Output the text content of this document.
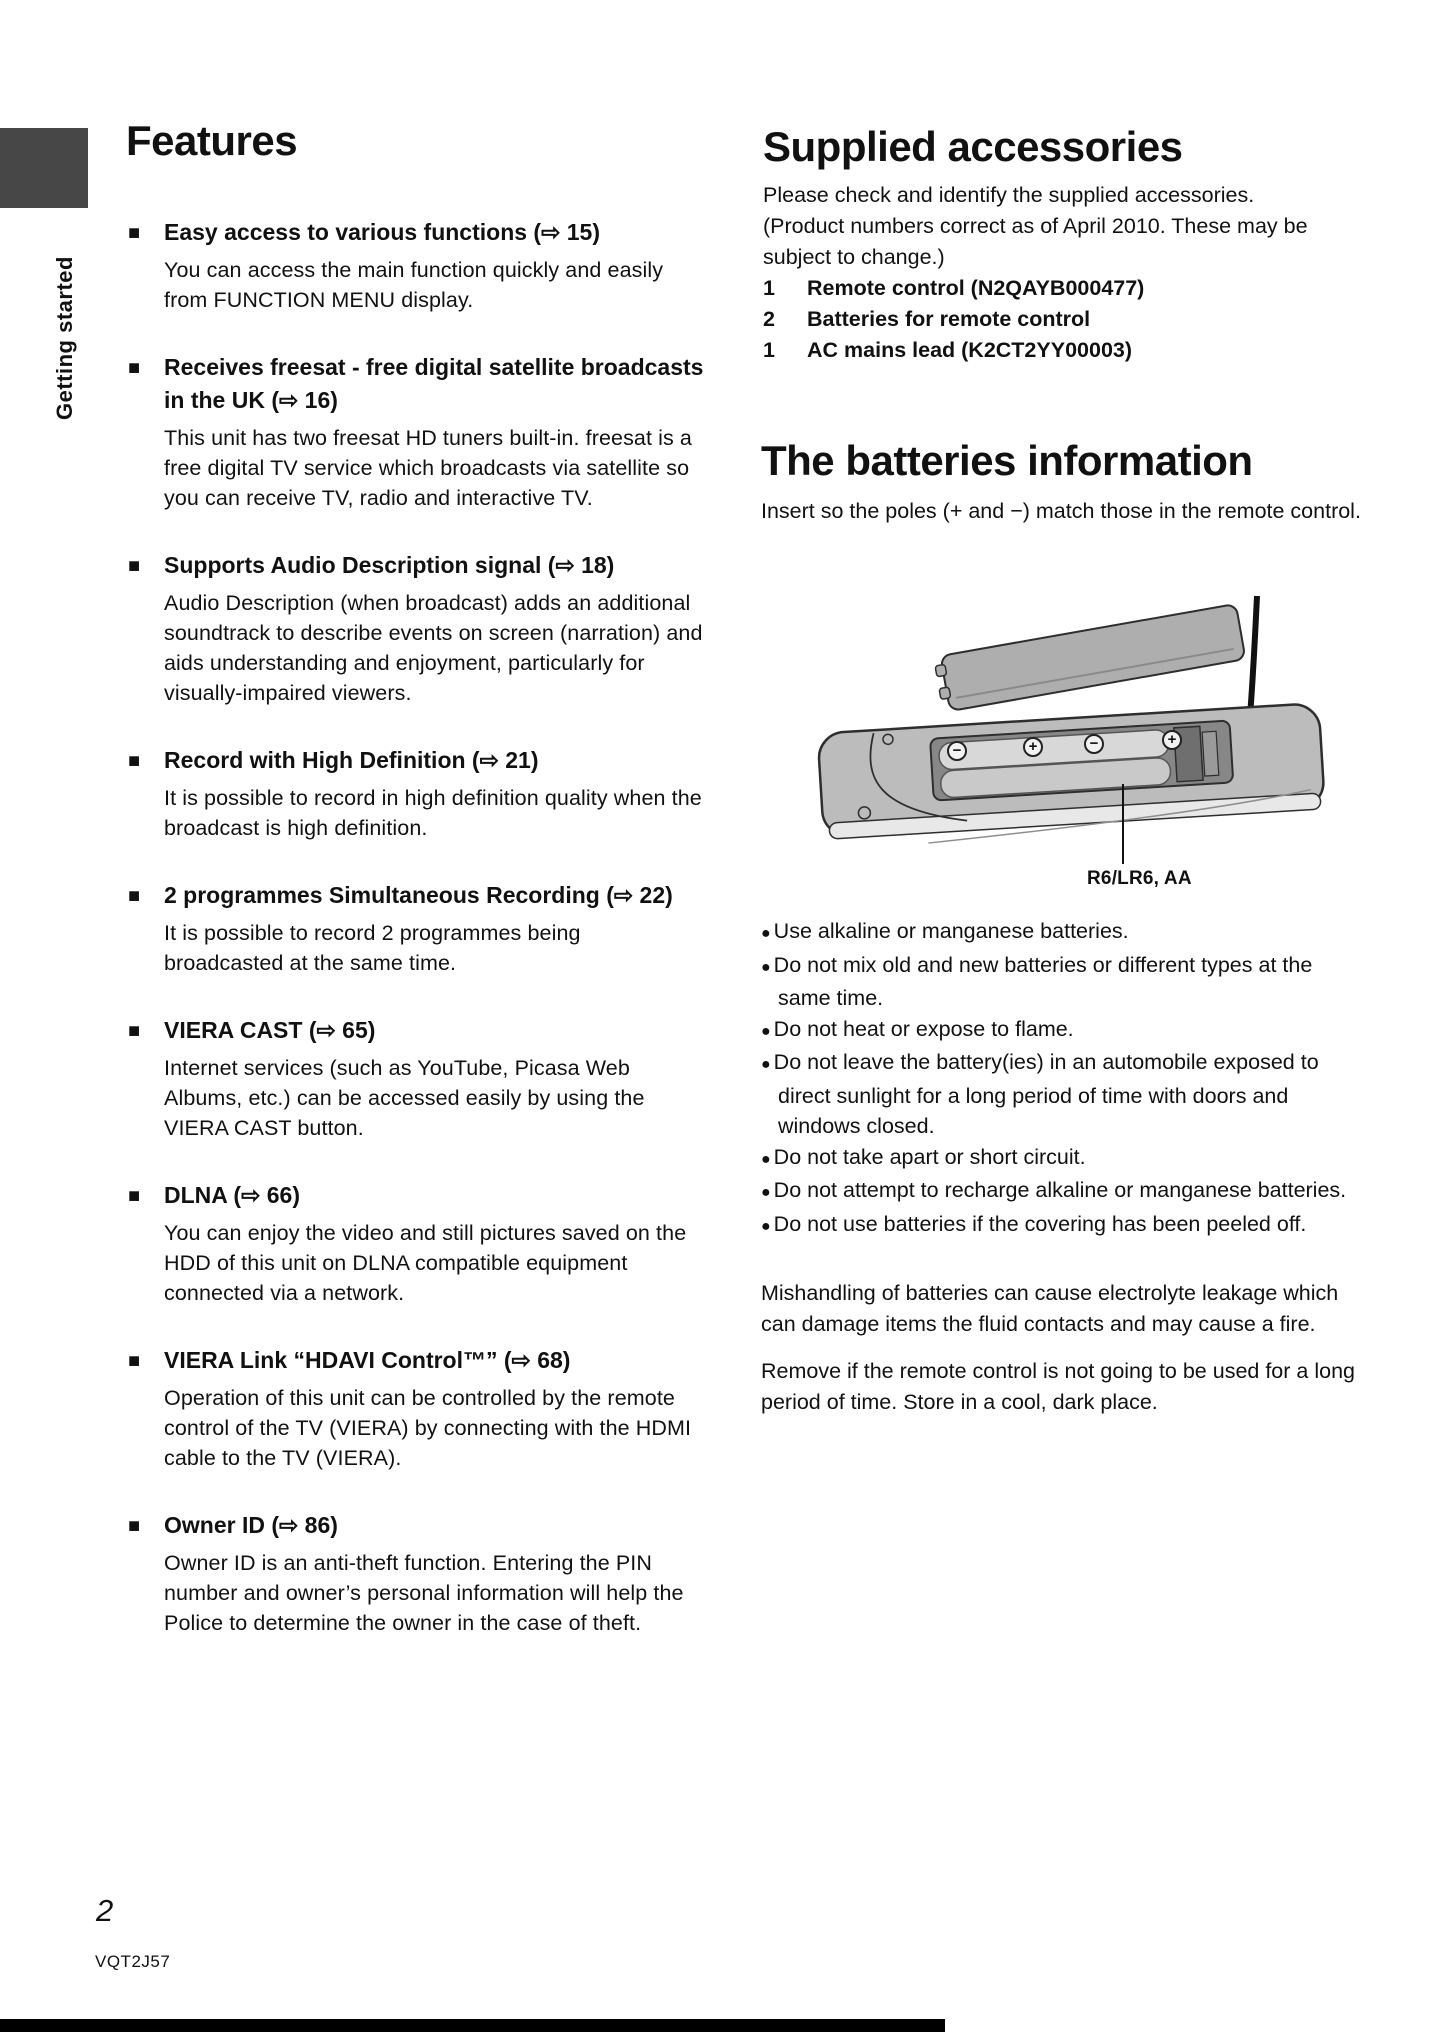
Getting started
Features
■ Easy access to various functions (⇨ 15)

You can access the main function quickly and easily from FUNCTION MENU display.

■ Receives freesat - free digital satellite broadcasts in the UK (⇨ 16)

This unit has two freesat HD tuners built-in. freesat is a free digital TV service which broadcasts via satellite so you can receive TV, radio and interactive TV.

■ Supports Audio Description signal (⇨ 18)

Audio Description (when broadcast) adds an additional soundtrack to describe events on screen (narration) and aids understanding and enjoyment, particularly for visually-impaired viewers.

■ Record with High Definition (⇨ 21)

It is possible to record in high definition quality when the broadcast is high definition.

■ 2 programmes Simultaneous Recording (⇨ 22)

It is possible to record 2 programmes being broadcasted at the same time.

■ VIERA CAST (⇨ 65)

Internet services (such as YouTube, Picasa Web Albums, etc.) can be accessed easily by using the VIERA CAST button.

■ DLNA (⇨ 66)

You can enjoy the video and still pictures saved on the HDD of this unit on DLNA compatible equipment connected via a network.

■ VIERA Link “HDAVI Control™” (⇨ 68)

Operation of this unit can be controlled by the remote control of the TV (VIERA) by connecting with the HDMI cable to the TV (VIERA).

■ Owner ID (⇨ 86)

Owner ID is an anti-theft function. Entering the PIN number and owner’s personal information will help the Police to determine the owner in the case of theft.

Supplied accessories
Please check and identify the supplied accessories.
(Product numbers correct as of April 2010. These may be subject to change.)
1	Remote control (N2QAYB000477)
2	Batteries for remote control
1	AC mains lead (K2CT2YY00003)
The batteries information

Insert so the poles (+ and −) match those in the remote control.

−	+	−	+
R6/LR6, AA
● Use alkaline or manganese batteries.
● Do not mix old and new batteries or different types at the same time.
● Do not heat or expose to flame.
● Do not leave the battery(ies) in an automobile exposed to direct sunlight for a long period of time with doors and windows closed.
● Do not take apart or short circuit.
● Do not attempt to recharge alkaline or manganese batteries.
● Do not use batteries if the covering has been peeled off.

Mishandling of batteries can cause electrolyte leakage which can damage items the fluid contacts and may cause a fire.

Remove if the remote control is not going to be used for a long period of time. Store in a cool, dark place.

2
VQT2J57
